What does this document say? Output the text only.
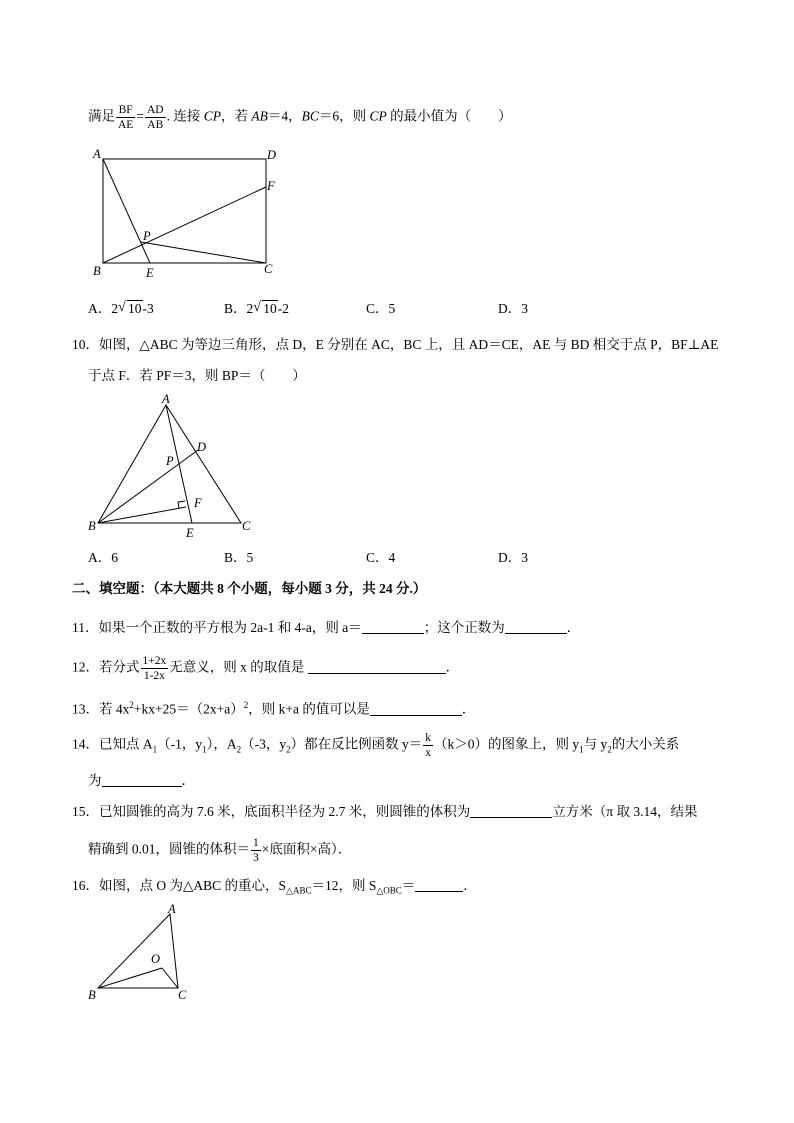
满足 $\frac{BF}{AE} = \frac{AD}{AB}$ . 连接 CP，若 AB＝4，BC＝6，则 CP 的最小值为（　　）
A	D
F
P
B	E	C
A．2 √ 10-3	B．2 √ 10-2	C．5	D．3
10．如图，△ABC 为等边三角形，点 D，E 分别在 AC，BC 上，且 AD＝CE，AE 与 BD 相交于点 P，BF⊥AE
于点 F．若 PF＝3，则 BP＝（　　）
A
D
P
F
B	E	C
A．6	B．5	C．4	D．3
二、填空题：（本大题共 8 个小题，每小题 3 分，共 24 分.）
11．如果一个正数的平方根为 2a-1 和 4-a，则 a＝	；这个正数为	．
12．若分式 $\frac{1+2x}{1-2x}$ 无意义，则 x 的取值是	．
13．若 $4x^2+kx+25=(2x+a)^2$，则 k+a 的值可以是	．
14．已知点 $A_1(-1$，$y_1$），$A_2(-3$，$y_2$）都在反比例函数 $y= \frac{k}{x} (k>0)$的图象上，则 $y_1$与 $y_2$的大小关系
为	．
15．已知圆锥的高为 7.6 米，底面积半径为 2.7 米，则圆锥的体积为	立方米（π 取 3.14，结果
精确到 0.01，圆锥的体积＝ $\frac{1}{3}$ ×底面积×高）．
16．如图，点 O 为△ABC 的重心，$S_{\triangle ABC}=12$，则 $S_{\triangle OBC}=$	．
A
O
B	C
